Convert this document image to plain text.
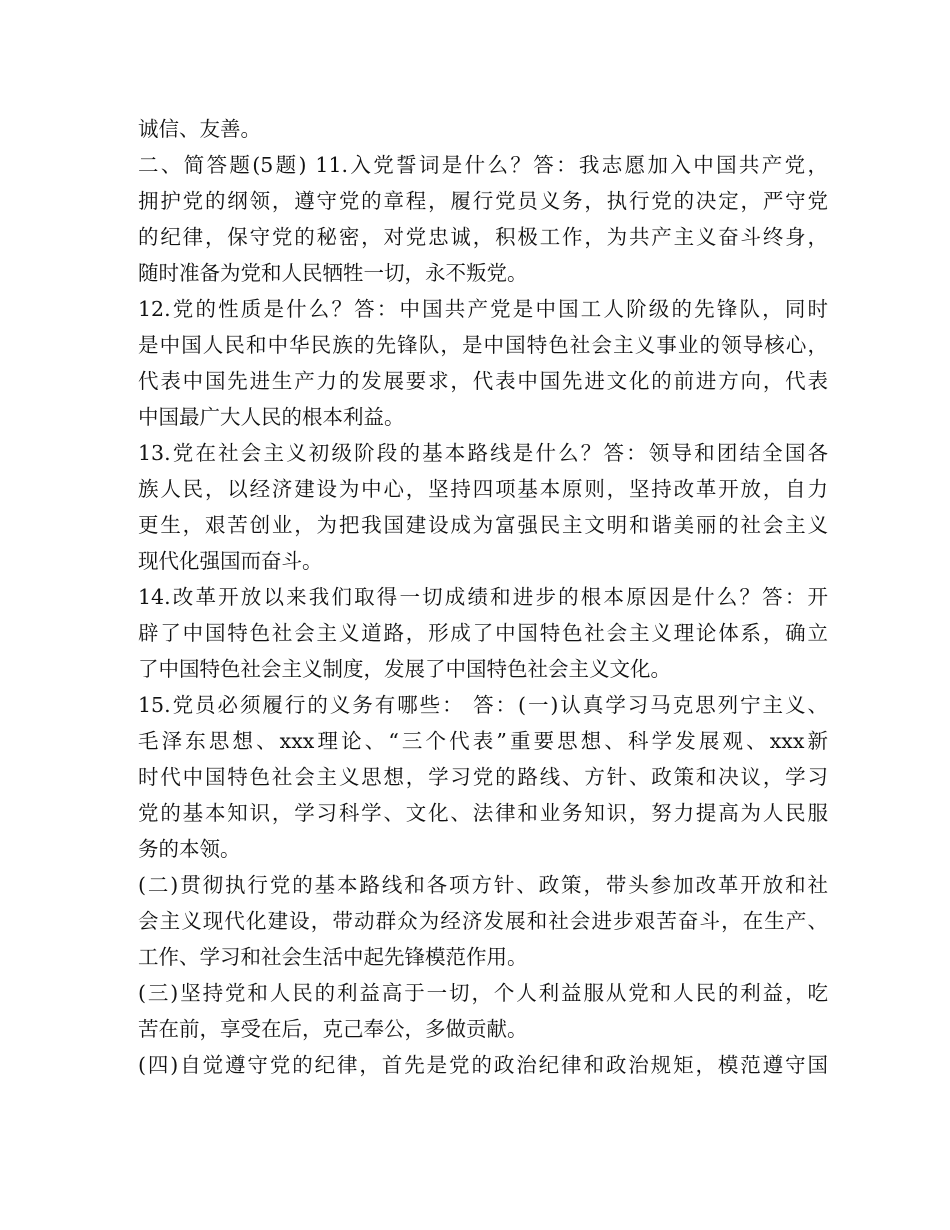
诚信、友善。
二、简答题(5题) 11.入党誓词是什么？答：我志愿加入中国共产党，
拥护党的纲领，遵守党的章程，履行党员义务，执行党的决定，严守党
的纪律，保守党的秘密，对党忠诚，积极工作，为共产主义奋斗终身，
随时准备为党和人民牺牲一切，永不叛党。
12.党的性质是什么？答：中国共产党是中国工人阶级的先锋队，同时
是中国人民和中华民族的先锋队，是中国特色社会主义事业的领导核心，
代表中国先进生产力的发展要求，代表中国先进文化的前进方向，代表
中国最广大人民的根本利益。
13.党在社会主义初级阶段的基本路线是什么？答：领导和团结全国各
族人民，以经济建设为中心，坚持四项基本原则，坚持改革开放，自力
更生，艰苦创业，为把我国建设成为富强民主文明和谐美丽的社会主义
现代化强国而奋斗。
14.改革开放以来我们取得一切成绩和进步的根本原因是什么？答：开
辟了中国特色社会主义道路，形成了中国特色社会主义理论体系，确立
了中国特色社会主义制度，发展了中国特色社会主义文化。
15.党员必须履行的义务有哪些： 答：(一)认真学习马克思列宁主义、
毛泽东思想、xxx理论、“三个代表”重要思想、科学发展观、xxx新
时代中国特色社会主义思想，学习党的路线、方针、政策和决议，学习
党的基本知识，学习科学、文化、法律和业务知识，努力提高为人民服
务的本领。
(二)贯彻执行党的基本路线和各项方针、政策，带头参加改革开放和社
会主义现代化建设，带动群众为经济发展和社会进步艰苦奋斗，在生产、
工作、学习和社会生活中起先锋模范作用。
(三)坚持党和人民的利益高于一切，个人利益服从党和人民的利益，吃
苦在前，享受在后，克己奉公，多做贡献。
(四)自觉遵守党的纪律，首先是党的政治纪律和政治规矩，模范遵守国
